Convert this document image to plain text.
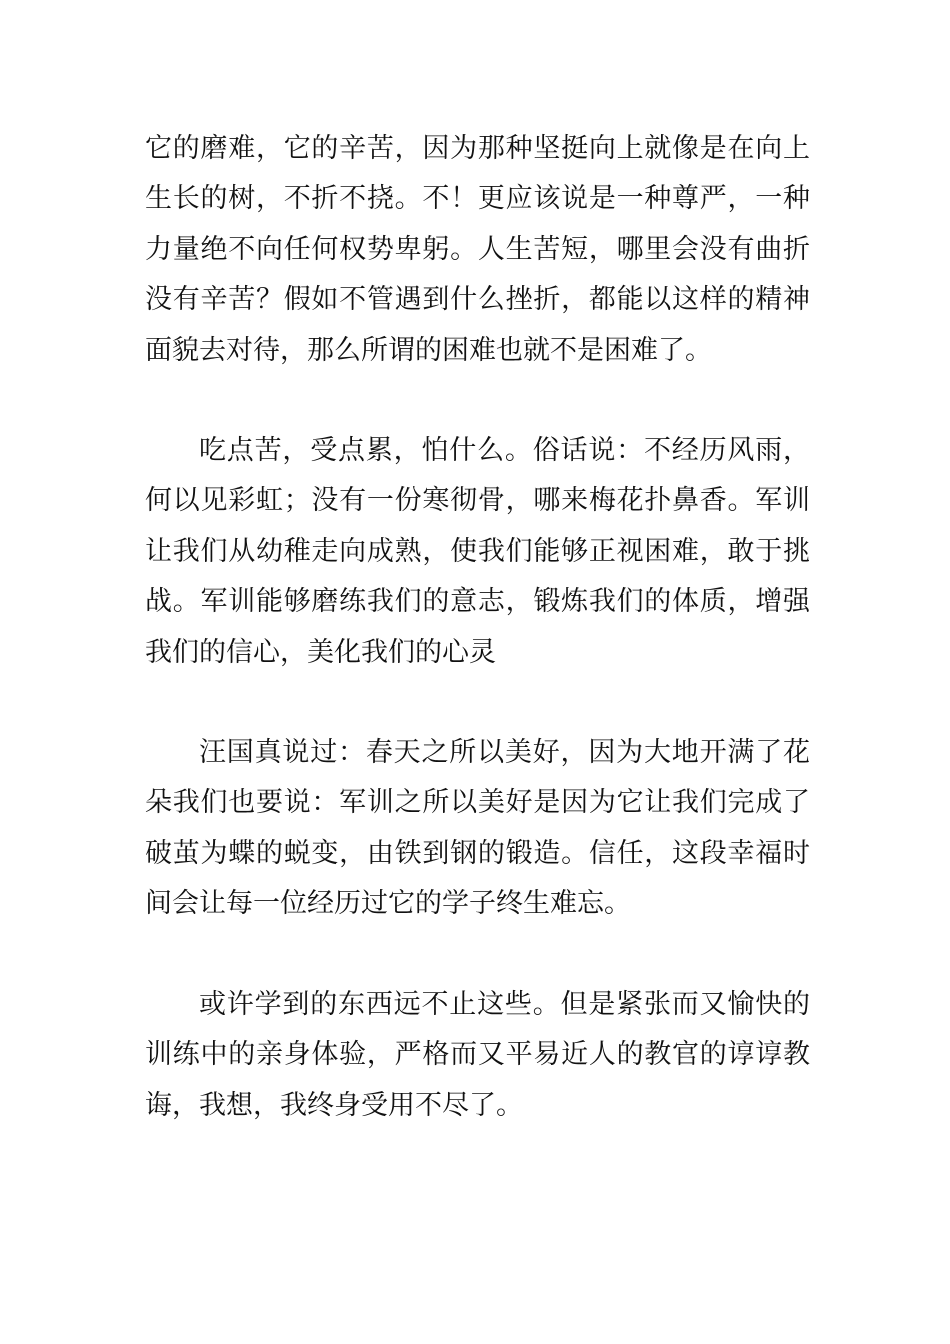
它的磨难，它的辛苦，因为那种坚挺向上就像是在向上生长的树，不折不挠。不！更应该说是一种尊严，一种力量绝不向任何权势卑躬。人生苦短，哪里会没有曲折没有辛苦？假如不管遇到什么挫折，都能以这样的精神面貌去对待，那么所谓的困难也就不是困难了。

吃点苦，受点累，怕什么。俗话说：不经历风雨，何以见彩虹；没有一份寒彻骨，哪来梅花扑鼻香。军训让我们从幼稚走向成熟，使我们能够正视困难，敢于挑战。军训能够磨练我们的意志，锻炼我们的体质，增强我们的信心，美化我们的心灵

汪国真说过：春天之所以美好，因为大地开满了花朵我们也要说：军训之所以美好是因为它让我们完成了破茧为蝶的蜕变，由铁到钢的锻造。信任，这段幸福时间会让每一位经历过它的学子终生难忘。

或许学到的东西远不止这些。但是紧张而又愉快的训练中的亲身体验，严格而又平易近人的教官的谆谆教诲，我想，我终身受用不尽了。
